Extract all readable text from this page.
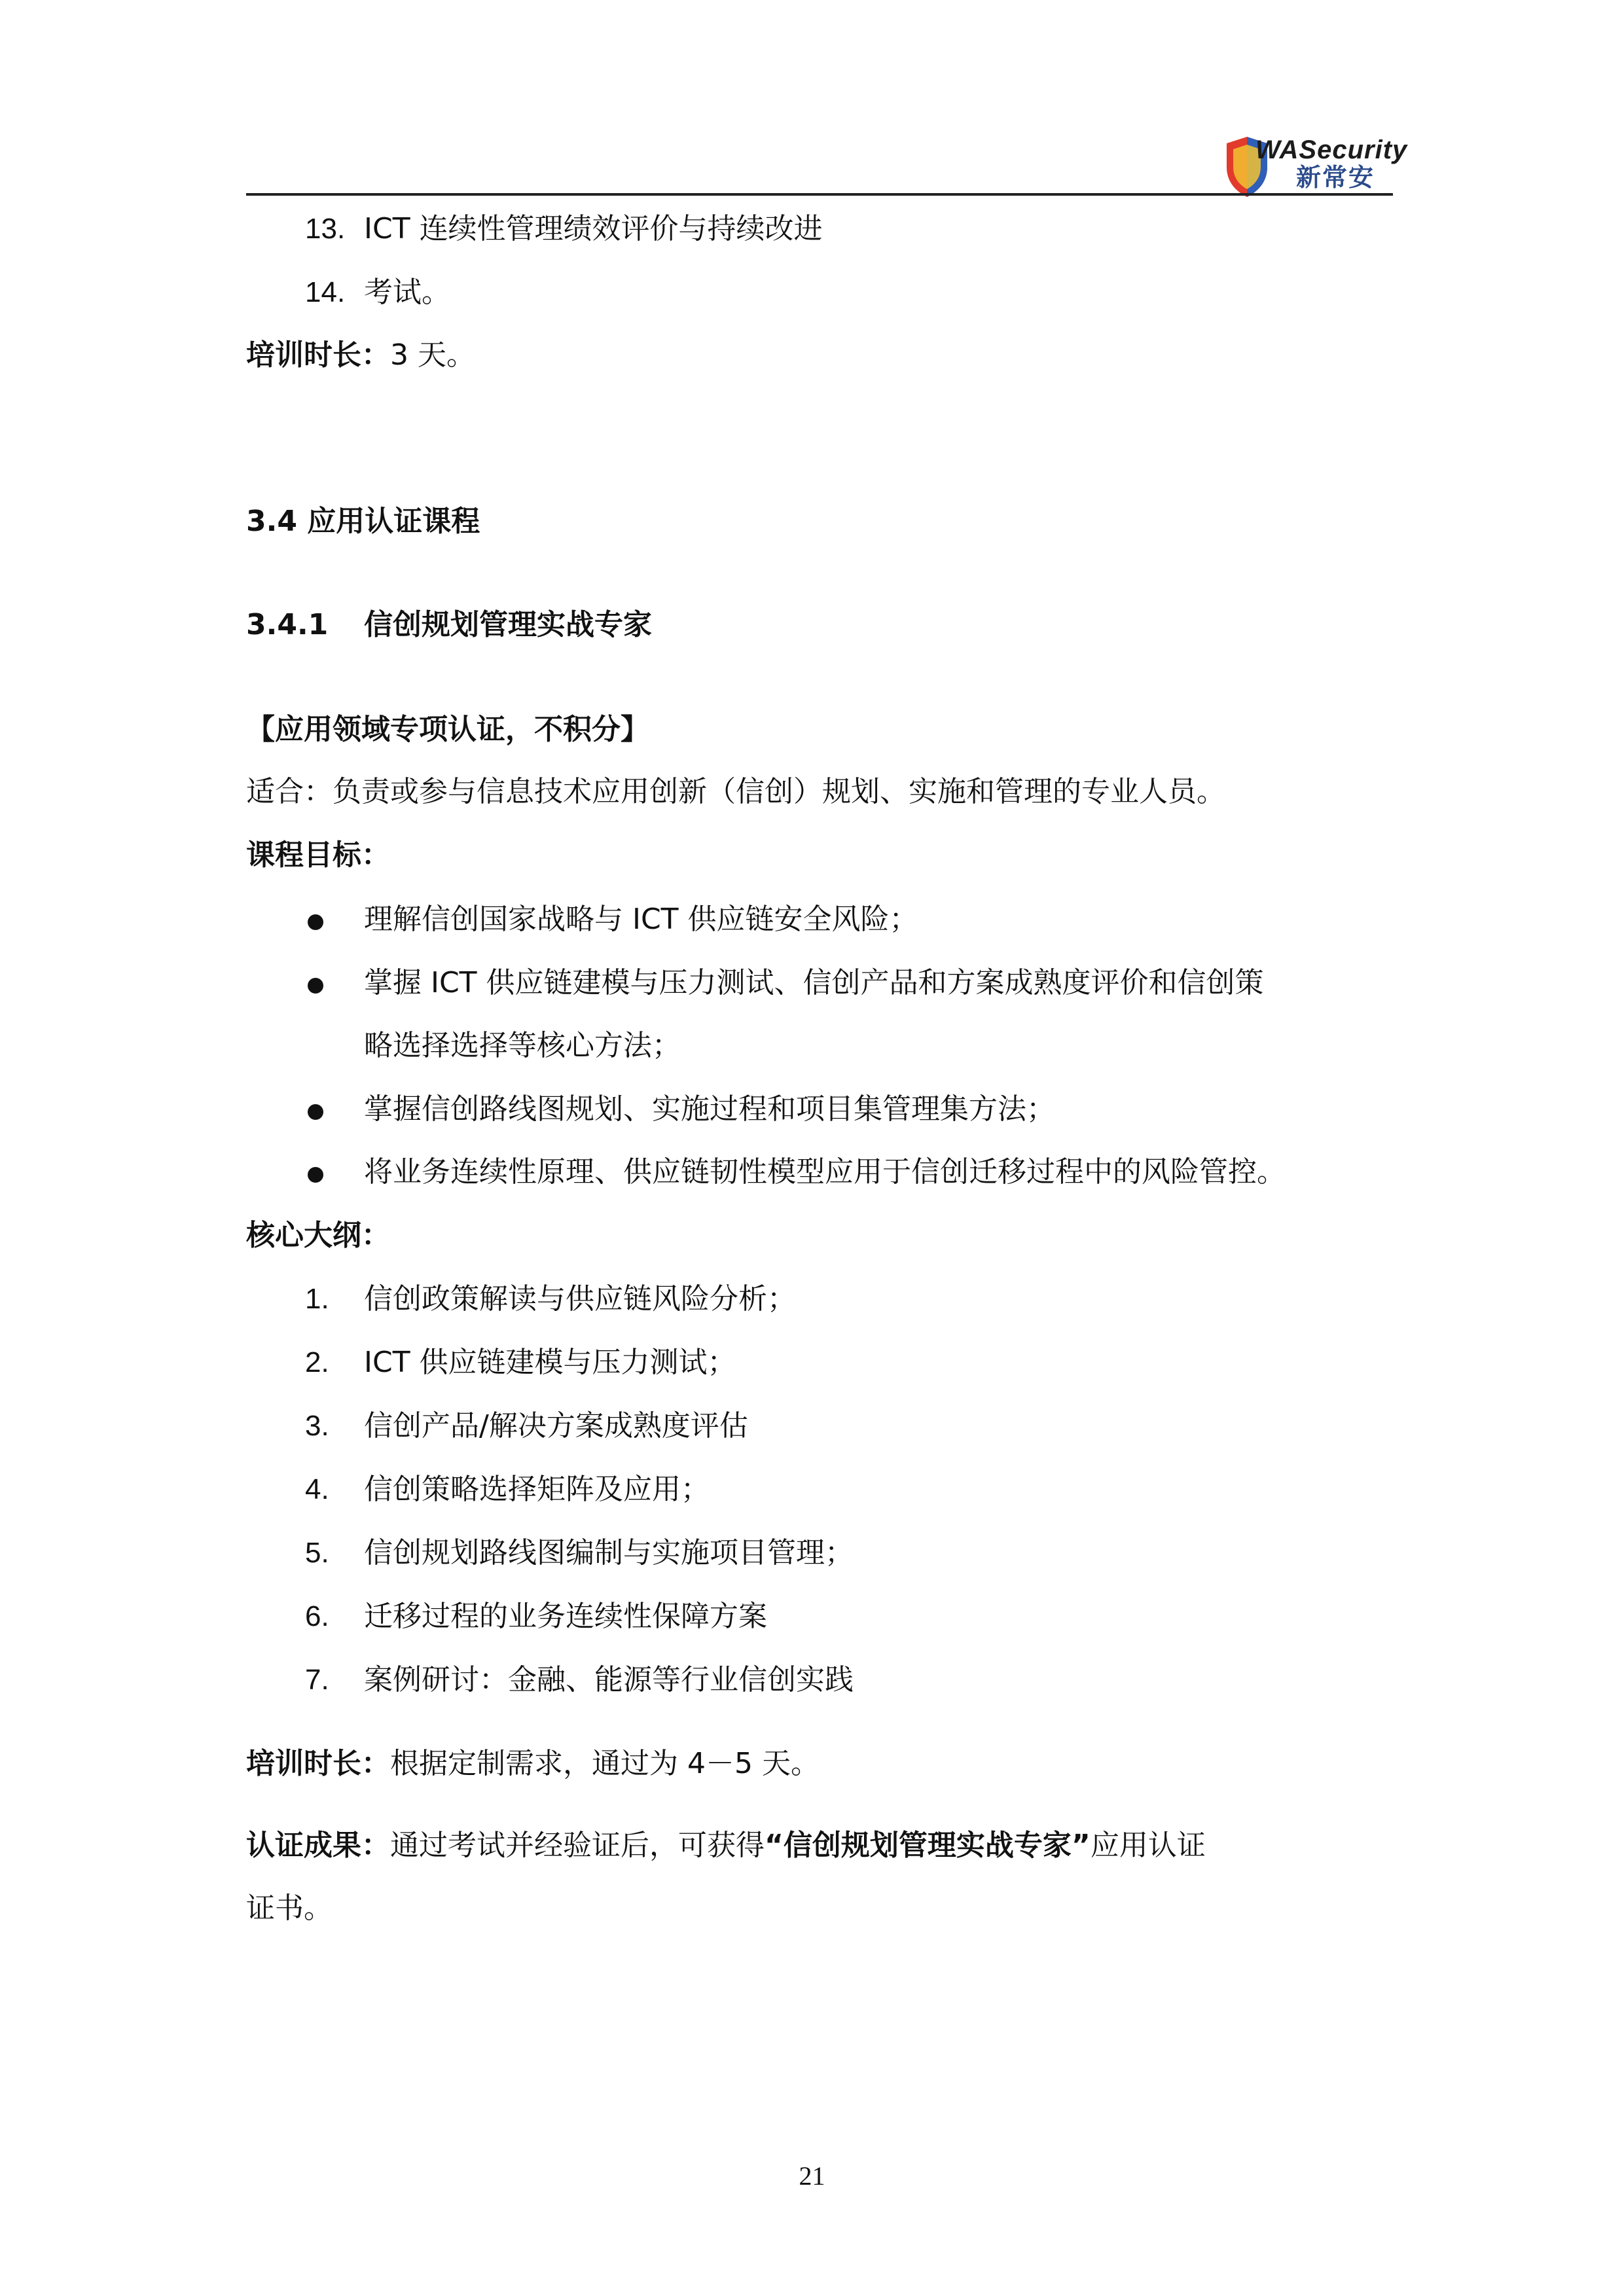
WASecurity
新常安
13. ICT 连续性管理绩效评价与持续改进
14. 考试。
培训时长：3 天。
3.4 应用认证课程
3.4.1 信创规划管理实战专家
【应用领域专项认证，不积分】
适合：负责或参与信息技术应用创新（信创）规划、实施和管理的专业人员。
课程目标：
理解信创国家战略与 ICT 供应链安全风险；
掌握 ICT 供应链建模与压力测试、信创产品和方案成熟度评价和信创策
略选择选择等核心方法；
掌握信创路线图规划、实施过程和项目集管理集方法；
将业务连续性原理、供应链韧性模型应用于信创迁移过程中的风险管控。
核心大纲：
1. 信创政策解读与供应链风险分析；
2. ICT 供应链建模与压力测试；
3. 信创产品/解决方案成熟度评估
4. 信创策略选择矩阵及应用；
5. 信创规划路线图编制与实施项目管理；
6. 迁移过程的业务连续性保障方案
7. 案例研讨：金融、能源等行业信创实践
培训时长：根据定制需求，通过为 4－5 天。
认证成果：通过考试并经验证后，可获得“信创规划管理实战专家”应用认证
证书。
21
